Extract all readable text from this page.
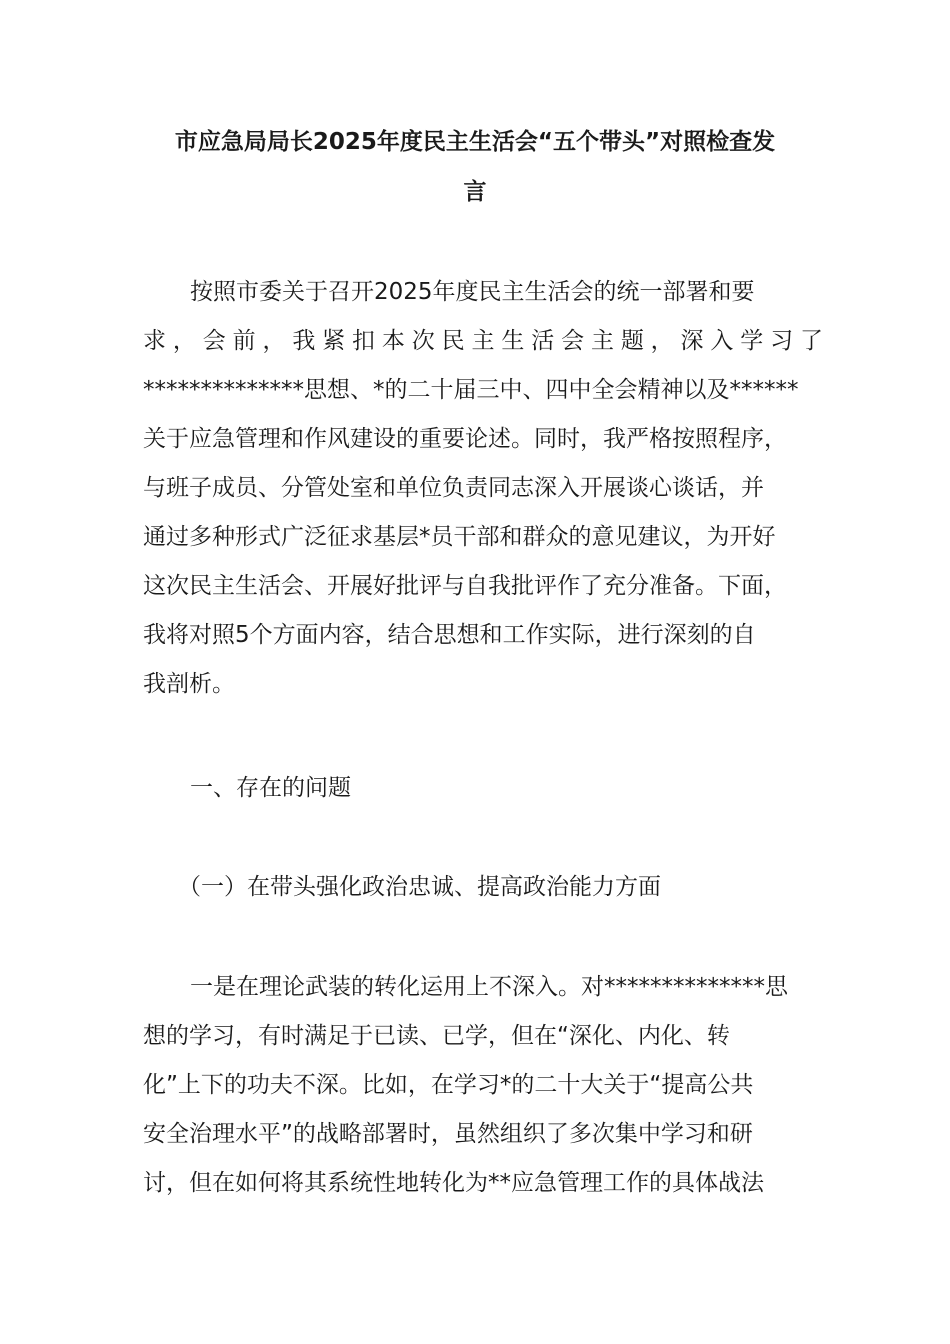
市应急局局长2025年度民主生活会“五个带头”对照检查发
言

按照市委关于召开2025年度民主生活会的统一部署和要

求，会前，我紧扣本次民主生活会主题，深入学习了

**************思想、*的二十届三中、四中全会精神以及******

关于应急管理和作风建设的重要论述。同时，我严格按照程序，

与班子成员、分管处室和单位负责同志深入开展谈心谈话，并

通过多种形式广泛征求基层*员干部和群众的意见建议，为开好

这次民主生活会、开展好批评与自我批评作了充分准备。下面，

我将对照5个方面内容，结合思想和工作实际，进行深刻的自

我剖析。

一、存在的问题

（一）在带头强化政治忠诚、提高政治能力方面

一是在理论武装的转化运用上不深入。对**************思

想的学习，有时满足于已读、已学，但在“深化、内化、转

化”上下的功夫不深。比如，在学习*的二十大关于“提高公共

安全治理水平”的战略部署时，虽然组织了多次集中学习和研

讨，但在如何将其系统性地转化为**应急管理工作的具体战法
